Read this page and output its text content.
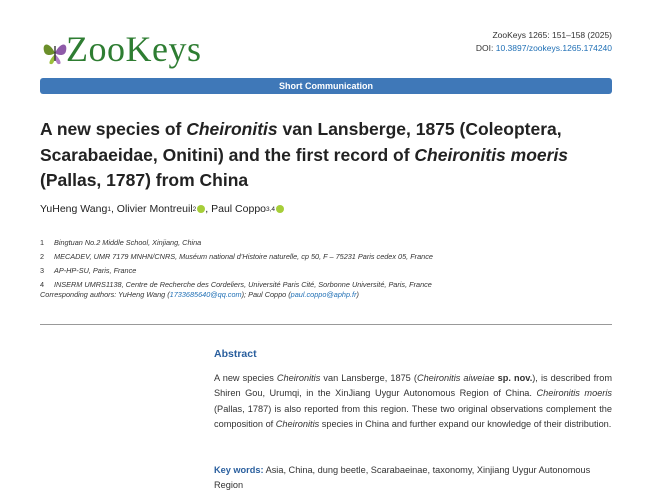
ZooKeys	ZooKeys 1265: 151–158 (2025)
DOI: 10.3897/zookeys.1265.174240
Short Communication
A new species of Cheironitis van Lansberge, 1875 (Coleoptera, Scarabaeidae, Onitini) and the first record of Cheironitis moeris (Pallas, 1787) from China
YuHeng Wang 1 , Olivier Montreuil 2 , Paul Coppo 3,4
1	Bingtuan No.2 Middle School, Xinjiang, China
2	MECADEV, UMR 7179 MNHN/CNRS, Muséum national d’Histoire naturelle, cp 50, F – 75231 Paris cedex 05, France
3	AP-HP-SU, Paris, France
4	INSERM UMRS1138, Centre de Recherche des Cordeliers, Université Paris Cité, Sorbonne Université, Paris, France
Corresponding authors: YuHeng Wang (1733685640@qq.com); Paul Coppo (paul.coppo@aphp.fr)
Abstract
A new species Cheironitis van Lansberge, 1875 (Cheironitis aiweiae sp. nov.), is described from Shiren Gou, Urumqi, in the XinJiang Uygur Autonomous Region of China. Cheironitis moeris (Pallas, 1787) is also reported from this region. These two original observations complement the composition of Cheironitis species in China and further expand our knowledge of their distribution.
Key words: Asia, China, dung beetle, Scarabaeinae, taxonomy, Xinjiang Uygur Autonomous Region
